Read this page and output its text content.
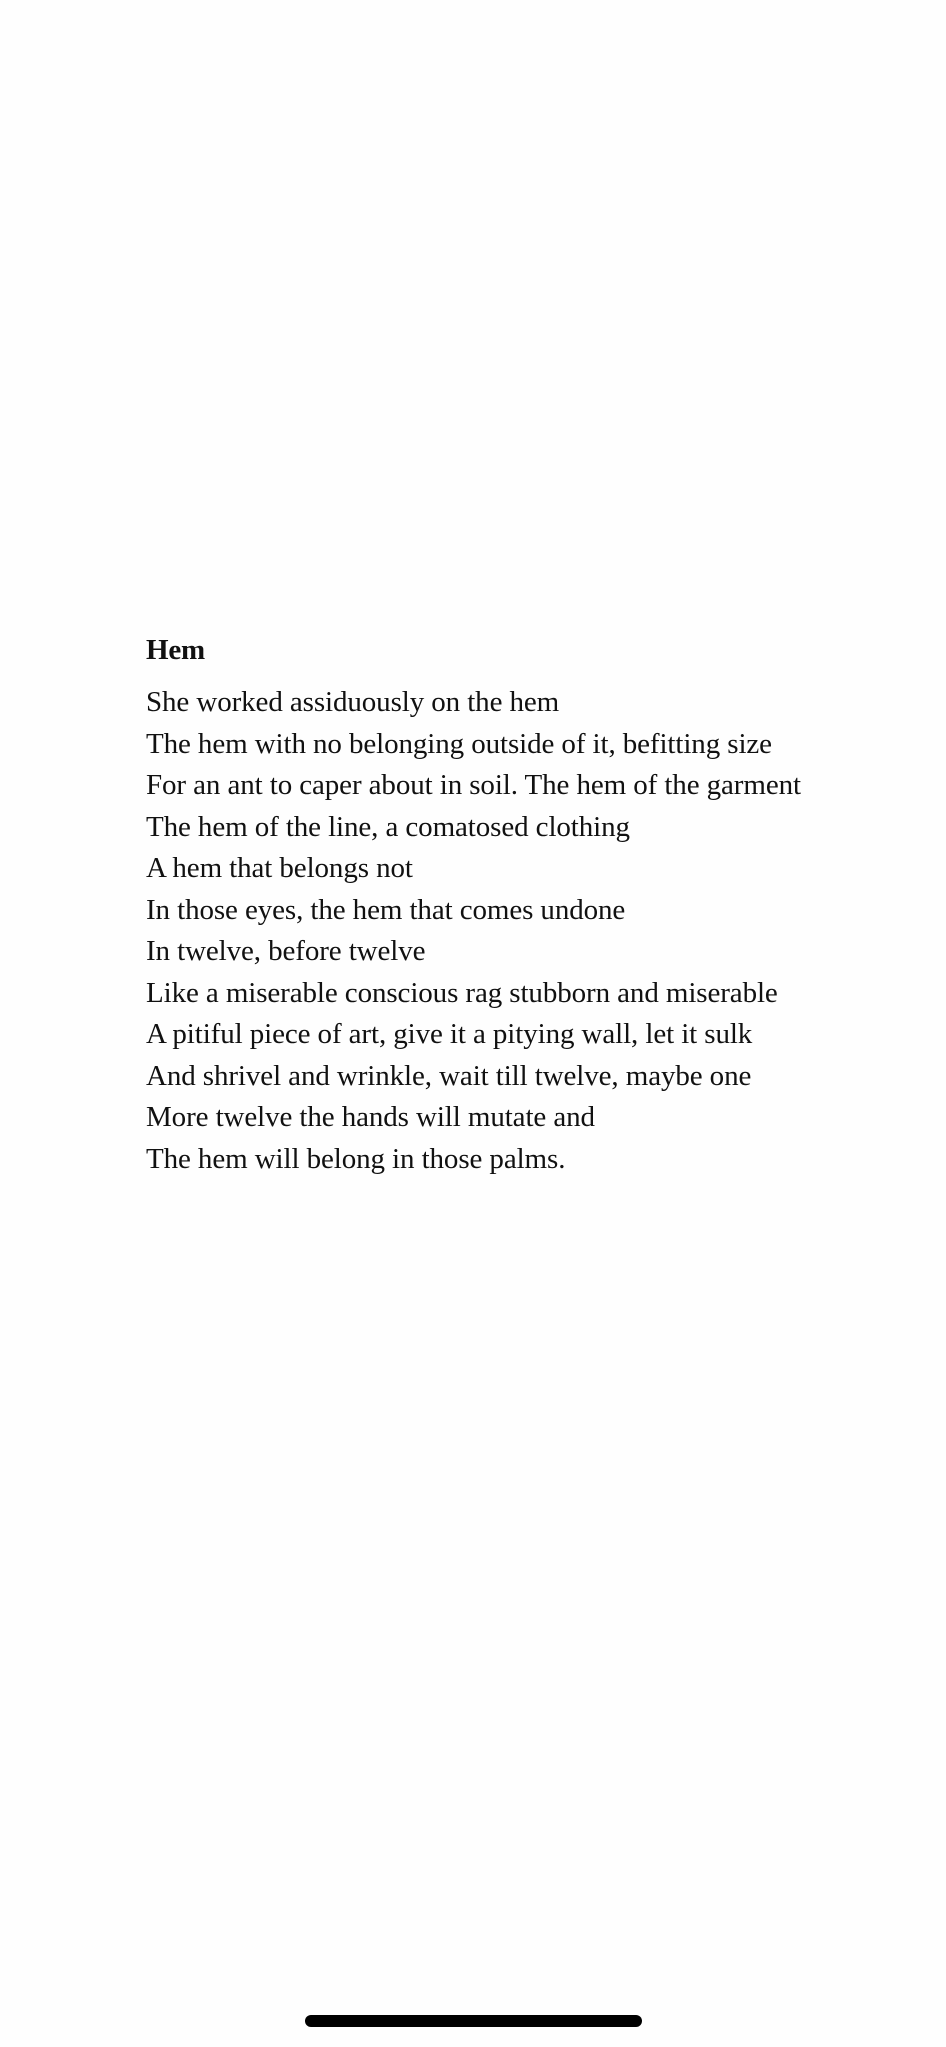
Hem
She worked assiduously on the hem
The hem with no belonging outside of it, befitting size
For an ant to caper about in soil. The hem of the garment
The hem of the line, a comatosed clothing
A hem that belongs not
In those eyes, the hem that comes undone
In twelve, before twelve
Like a miserable conscious rag stubborn and miserable
A pitiful piece of art, give it a pitying wall, let it sulk
And shrivel and wrinkle, wait till twelve, maybe one
More twelve the hands will mutate and
The hem will belong in those palms.
